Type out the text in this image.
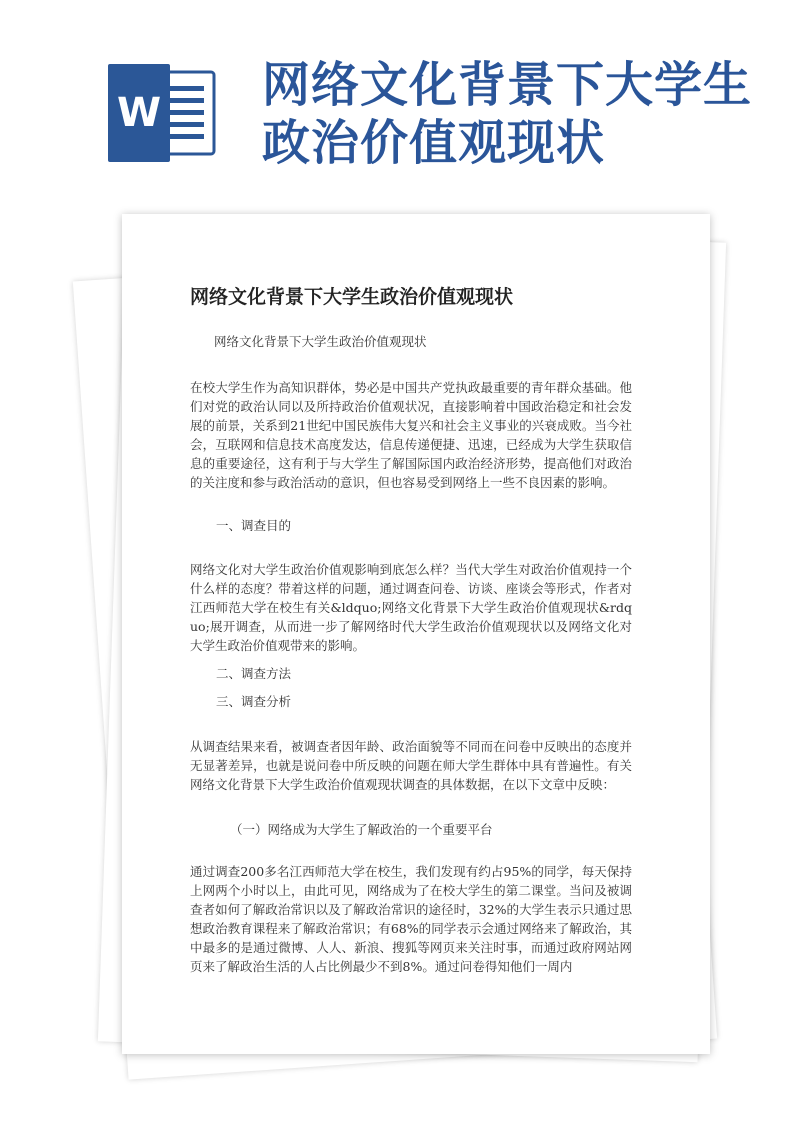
W 网络文化背景下大学生
政治价值观现状
网络文化背景下大学生政治价值观现状
网络文化背景下大学生政治价值观现状
在校大学生作为高知识群体，势必是中国共产党执政最重要的青年群众基础。他们对党的政治认同以及所持政治价值观状况，直接影响着中国政治稳定和社会发展的前景，关系到21世纪中国民族伟大复兴和社会主义事业的兴衰成败。当今社会，互联网和信息技术高度发达，信息传递便捷、迅速，已经成为大学生获取信息的重要途径，这有利于与大学生了解国际国内政治经济形势，提高他们对政治的关注度和参与政治活动的意识，但也容易受到网络上一些不良因素的影响。
一、调查目的
网络文化对大学生政治价值观影响到底怎么样？当代大学生对政治价值观持一个什么样的态度？带着这样的问题，通过调查问卷、访谈、座谈会等形式，作者对江西师范大学在校生有关&ldquo;网络文化背景下大学生政治价值观现状&rdquo;展开调查，从而进一步了解网络时代大学生政治价值观现状以及网络文化对大学生政治价值观带来的影响。
二、调查方法
三、调查分析
从调查结果来看，被调查者因年龄、政治面貌等不同而在问卷中反映出的态度并无显著差异，也就是说问卷中所反映的问题在师大学生群体中具有普遍性。有关网络文化背景下大学生政治价值观现状调查的具体数据，在以下文章中反映：
（一）网络成为大学生了解政治的一个重要平台
通过调查200多名江西师范大学在校生，我们发现有约占95%的同学，每天保持上网两个小时以上，由此可见，网络成为了在校大学生的第二课堂。当问及被调查者如何了解政治常识以及了解政治常识的途径时，32%的大学生表示只通过思想政治教育课程来了解政治常识；有68%的同学表示会通过网络来了解政治，其中最多的是通过微博、人人、新浪、搜狐等网页来关注时事，而通过政府网站网页来了解政治生活的人占比例最少不到8%。通过问卷得知他们一周内
